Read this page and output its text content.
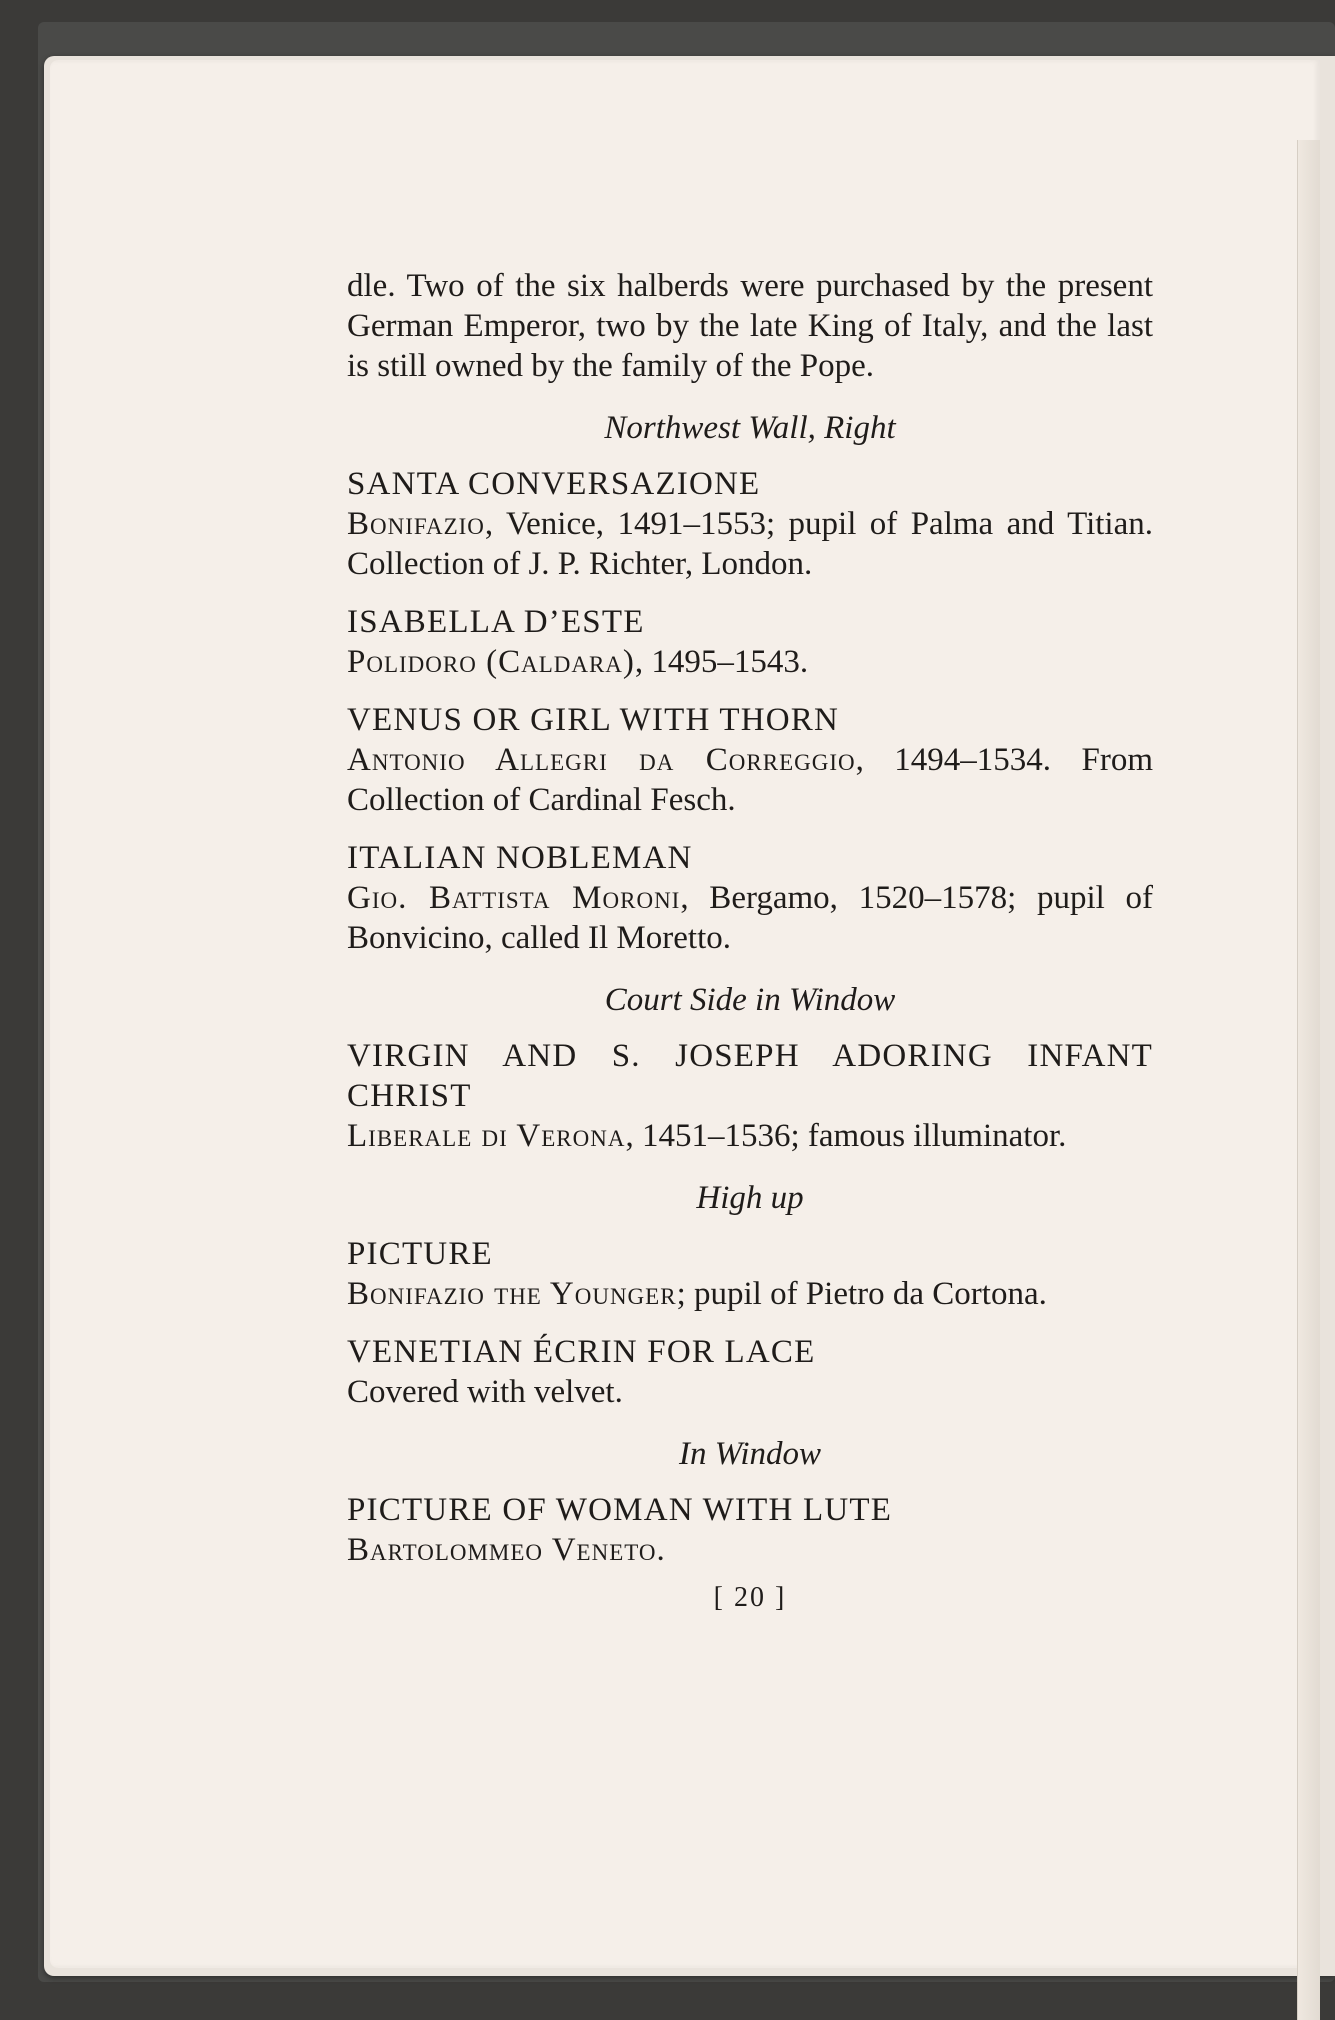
dle. Two of the six halberds were purchased by the present German Emperor, two by the late King of Italy, and the last is still owned by the family of the Pope.

Northwest Wall, Right

SANTA CONVERSAZIONE

Bonifazio, Venice, 1491–1553; pupil of Palma and Titian. Collection of J. P. Richter, London.

ISABELLA D’ESTE

Polidoro (Caldara), 1495–1543.

VENUS OR GIRL WITH THORN

Antonio Allegri da Correggio, 1494–1534. From Collection of Cardinal Fesch.

ITALIAN NOBLEMAN

Gio. Battista Moroni, Bergamo, 1520–1578; pupil of Bonvicino, called Il Moretto.

Court Side in Window

VIRGIN AND S. JOSEPH ADORING INFANT CHRIST

Liberale di Verona, 1451–1536; famous illuminator.

High up

PICTURE

Bonifazio the Younger; pupil of Pietro da Cortona.

VENETIAN ÉCRIN FOR LACE

Covered with velvet.

In Window

PICTURE OF WOMAN WITH LUTE

Bartolommeo Veneto.

[ 20 ]
